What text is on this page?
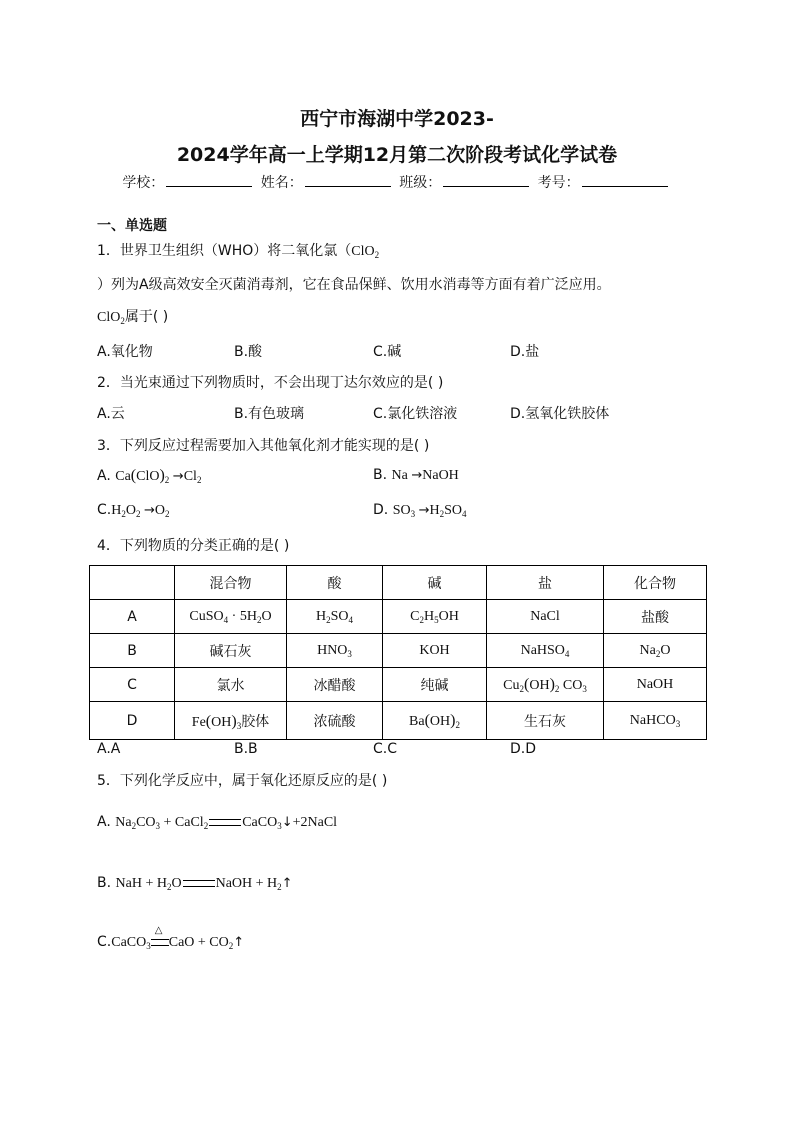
西宁市海湖中学2023-
2024学年高一上学期12月第二次阶段考试化学试卷
学校：	姓名：	班级：	考号：
一、单选题
1．世界卫生组织（WHO）将二氧化氯（ClO$_2$
）列为A级高效安全灭菌消毒剂，它在食品保鲜、饮用水消毒等方面有着广泛应用。
ClO$_2$属于( )
A.氧化物	B.酸	C.碱	D.盐
2．当光束通过下列物质时，不会出现丁达尔效应的是( )
A.云	B.有色玻璃	C.氯化铁溶液	D.氢氧化铁胶体
3．下列反应过程需要加入其他氧化剂才能实现的是( )
A. $Ca(ClO)_2 \to Cl_2$	B. Na →NaOH
$C.H_2O_2 \to O_2$	D. $SO_3 \to H_2SO_4$
4．下列物质的分类正确的是( )
	混合物	酸	碱	盐	化合物
A	CuSO$_4$ · $5H_2O$	$H_2SO_4$	$C_2H_5OH$	NaCl	盐酸
B	碱石灰	$HNO_3$	KOH	NaHSO$_4$	$Na_2O$
C	氯水	冰醋酸	纯碱	$Cu_2(OH)_2$ $CO_3$	NaOH
D	$Fe(OH)_3$胶体	浓硫酸	$Ba(OH)_2$	生石灰	NaHCO$_3$
A.A	B.B	C.C	D.D
5．下列化学反应中，属于氧化还原反应的是( )
A. $Na_2CO_3$ + CaCl$_2$ CaCO$_3$↓+2NaCl
B. NaH + $H_2O$ NaOH + $H_2↑$
C.CaCO$_3$
△
CaO + $CO_2↑$
